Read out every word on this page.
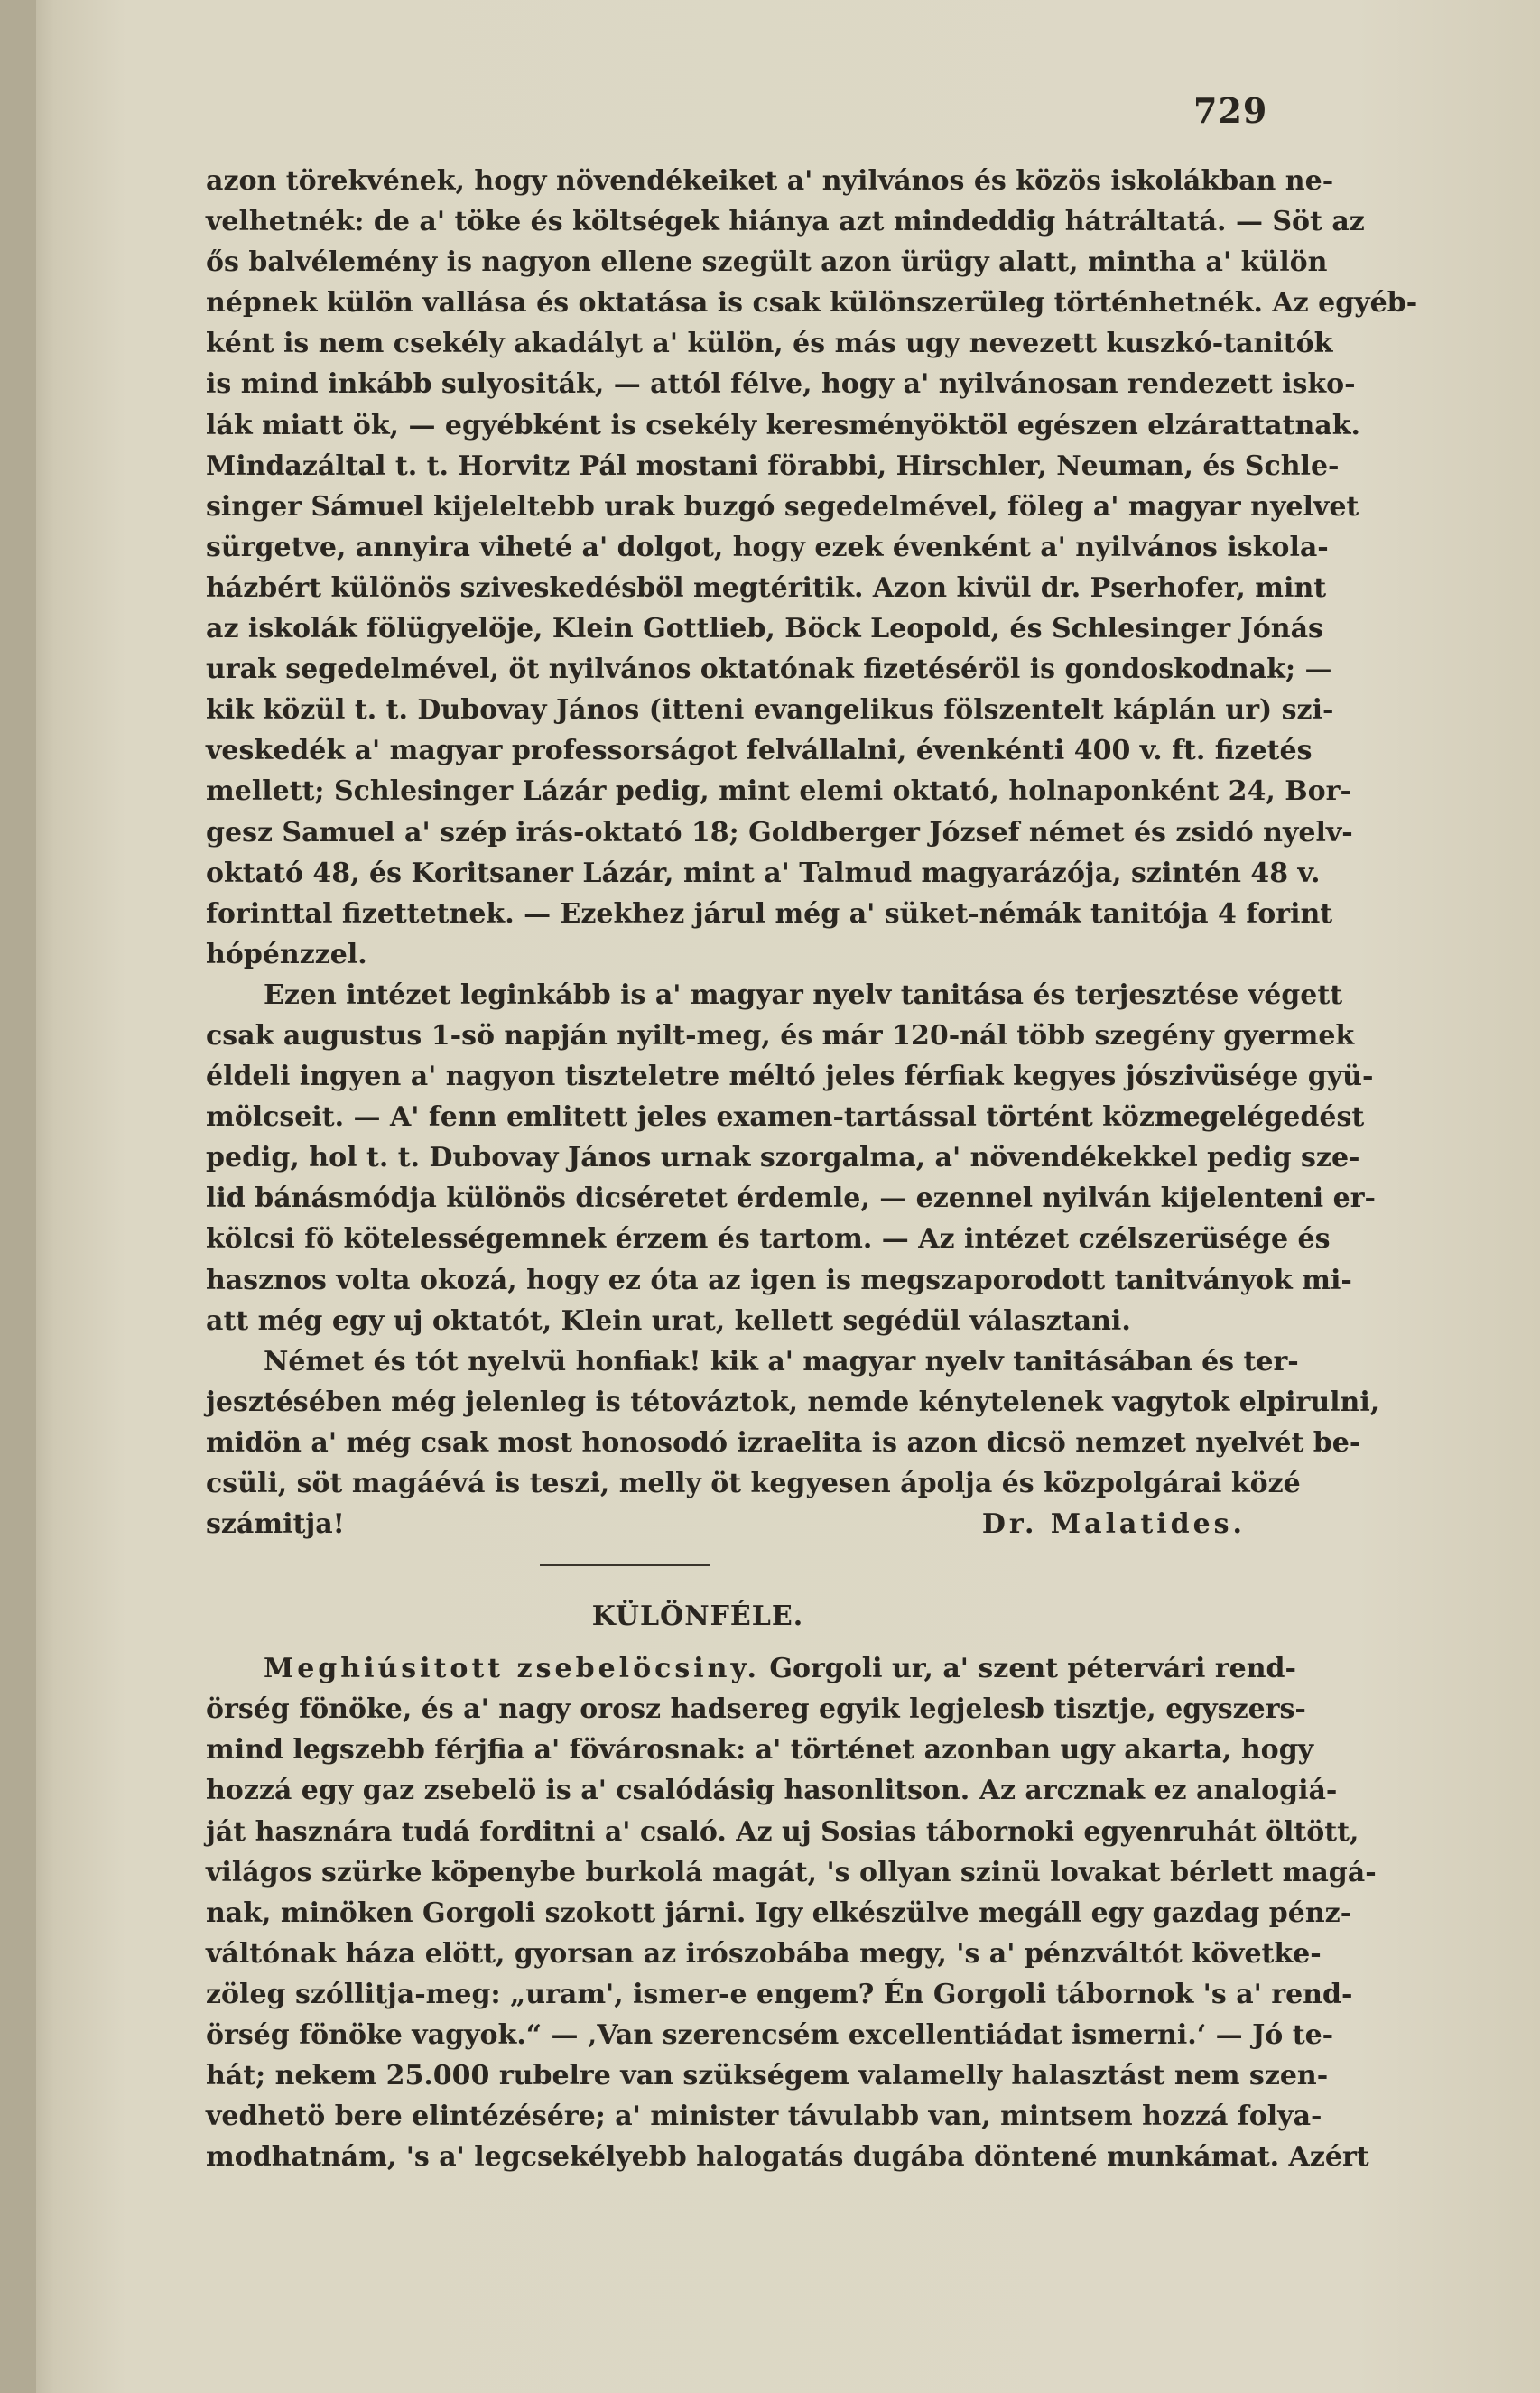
729
azon törekvének, hogy növendékeiket a' nyilvános és közös iskolákban ne-
velhetnék: de a' töke és költségek hiánya azt mindeddig hátráltatá. — Söt az
ős balvélemény is nagyon ellene szegült azon ürügy alatt, mintha a' külön
népnek külön vallása és oktatása is csak különszerüleg történhetnék. Az egyéb-
ként is nem csekély akadályt a' külön, és más ugy nevezett kuszkó-tanitók
is mind inkább sulyositák, — attól félve, hogy a' nyilvánosan rendezett isko-
lák miatt ök, — egyébként is csekély keresményöktöl egészen elzárattatnak.
Mindazáltal t. t. Horvitz Pál mostani förabbi, Hirschler, Neuman, és Schle-
singer Sámuel kijeleltebb urak buzgó segedelmével, föleg a' magyar nyelvet
sürgetve, annyira viheté a' dolgot, hogy ezek évenként a' nyilvános iskola-
házbért különös sziveskedésböl megtéritik. Azon kivül dr. Pserhofer, mint
az iskolák fölügyelöje, Klein Gottlieb, Böck Leopold, és Schlesinger Jónás
urak segedelmével, öt nyilvános oktatónak fizetéséröl is gondoskodnak; —
kik közül t. t. Dubovay János (itteni evangelikus fölszentelt káplán ur) szi-
veskedék a' magyar professorságot felvállalni, évenkénti 400 v. ft. fizetés
mellett; Schlesinger Lázár pedig, mint elemi oktató, holnaponként 24, Bor-
gesz Samuel a' szép irás-oktató 18; Goldberger József német és zsidó nyelv-
oktató 48, és Koritsaner Lázár, mint a' Talmud magyarázója, szintén 48 v.
forinttal fizettetnek. — Ezekhez járul még a' süket-némák tanitója 4 forint
hópénzzel.
Ezen intézet leginkább is a' magyar nyelv tanitása és terjesztése végett
csak augustus 1-sö napján nyilt-meg, és már 120-nál több szegény gyermek
éldeli ingyen a' nagyon tiszteletre méltó jeles férfiak kegyes jószivüsége gyü-
mölcseit. — A' fenn emlitett jeles examen-tartással történt közmegelégedést
pedig, hol t. t. Dubovay János urnak szorgalma, a' növendékekkel pedig sze-
lid bánásmódja különös dicséretet érdemle, — ezennel nyilván kijelenteni er-
kölcsi fö kötelességemnek érzem és tartom. — Az intézet czélszerüsége és
hasznos volta okozá, hogy ez óta az igen is megszaporodott tanitványok mi-
att még egy uj oktatót, Klein urat, kellett segédül választani.
Német és tót nyelvü honfiak! kik a' magyar nyelv tanitásában és ter-
jesztésében még jelenleg is tétováztok, nemde kénytelenek vagytok elpirulni,
midön a' még csak most honosodó izraelita is azon dicsö nemzet nyelvét be-
csüli, söt magáévá is teszi, melly öt kegyesen ápolja és közpolgárai közé
számitja!	Dr. Malatides.
KÜLÖNFÉLE.
Meghiúsitott zsebelöcsiny. Gorgoli ur, a' szent pétervári rend-
örség fönöke, és a' nagy orosz hadsereg egyik legjelesb tisztje, egyszers-
mind legszebb férjfia a' fövárosnak: a' történet azonban ugy akarta, hogy
hozzá egy gaz zsebelö is a' csalódásig hasonlitson. Az arcznak ez analogiá-
ját hasznára tudá forditni a' csaló. Az uj Sosias tábornoki egyenruhát öltött,
világos szürke köpenybe burkolá magát, 's ollyan szinü lovakat bérlett magá-
nak, minöken Gorgoli szokott járni. Igy elkészülve megáll egy gazdag pénz-
váltónak háza elött, gyorsan az irószobába megy, 's a' pénzváltót követke-
zöleg szóllitja-meg: „uram', ismer-e engem? Én Gorgoli tábornok 's a' rend-
örség fönöke vagyok.“ — ‚Van szerencsém excellentiádat ismerni.‘ — Jó te-
hát; nekem 25.000 rubelre van szükségem valamelly halasztást nem szen-
vedhetö bere elintézésére; a' minister távulabb van, mintsem hozzá folya-
modhatnám, 's a' legcsekélyebb halogatás dugába döntené munkámat. Azért
